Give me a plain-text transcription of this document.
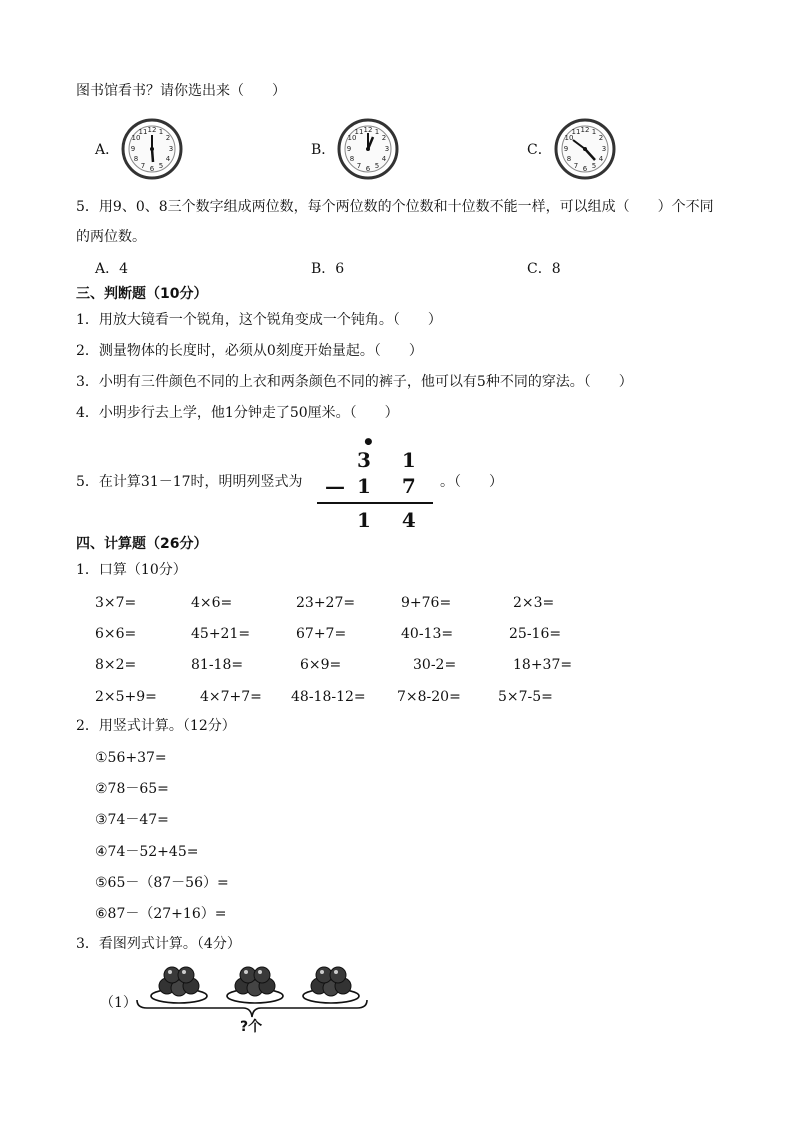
图书馆看书？请你选出来（　　）
A．
12 1
2
3
4
5
6
7
8
9
10
11
B．
12 1
2
3
4
5
6
7
8
9
10
11
C．
12 1
2
3
4
5
6
7
8
9
10
11
5．用9、0、8三个数字组成两位数，每个两位数的个位数和十位数不能一样，可以组成（　　）个不同
的两位数。
A．4	B．6	C．8
三、判断题（10分）
1．用放大镜看一个锐角，这个锐角变成一个钝角。（　　）
2．测量物体的长度时，必须从0刻度开始量起。（　　）
3．小明有三件颜色不同的上衣和两条颜色不同的裤子，他可以有5种不同的穿法。（　　）
4．小明步行去上学，他1分钟走了50厘米。（　　）
5．在计算31－17时，明明列竖式为
•
3 1
— 1 7
1 4
。（　　）
四、计算题（26分）
1．口算（10分）
3×7=	4×6=	23+27=	9+76=	2×3=
6×6=	45+21=	67+7=	40-13=	25-16=
8×2=	81-18=	6×9=	30-2=	18+37=
2×5+9=	4×7+7= 48-18-12= 7×8-20=	5×7-5=
2．用竖式计算。（12分）
①56+37=
②78－65=
③74－47=
④74－52+45=
⑤65－（87－56）=
⑥87－（27+16）=
3．看图列式计算。（4分）
（1）
?个
